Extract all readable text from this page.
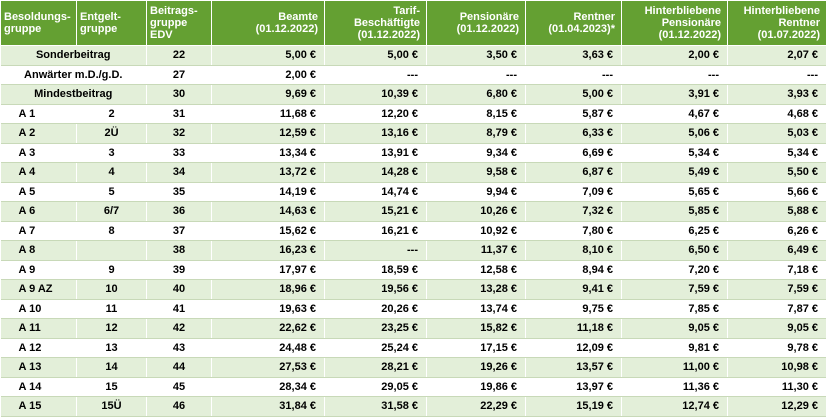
Besoldungs-
gruppe	Entgelt-
gruppe	Beitrags-
gruppe
EDV	Beamte
(01.12.2022)	Tarif-
Beschäftigte
(01.12.2022)	Pensionäre
(01.12.2022)	Rentner
(01.04.2023)*	Hinterbliebene
Pensionäre
(01.12.2022)	Hinterbliebene
Rentner
(01.07.2022)
Sonderbeitrag		22	5,00 €	5,00 €	3,50 €	3,63 €	2,00 €	2,07 €
Anwärter m.D./g.D.		27	2,00 €	---	---	---	---	---
Mindestbeitrag		30	9,69 €	10,39 €	6,80 €	5,00 €	3,91 €	3,93 €
A 1	2	31	11,68 €	12,20 €	8,15 €	5,87 €	4,67 €	4,68 €
A 2	2Ü	32	12,59 €	13,16 €	8,79 €	6,33 €	5,06 €	5,03 €
A 3	3	33	13,34 €	13,91 €	9,34 €	6,69 €	5,34 €	5,34 €
A 4	4	34	13,72 €	14,28 €	9,58 €	6,87 €	5,49 €	5,50 €
A 5	5	35	14,19 €	14,74 €	9,94 €	7,09 €	5,65 €	5,66 €
A 6	6/7	36	14,63 €	15,21 €	10,26 €	7,32 €	5,85 €	5,88 €
A 7	8	37	15,62 €	16,21 €	10,92 €	7,80 €	6,25 €	6,26 €
A 8		38	16,23 €	---	11,37 €	8,10 €	6,50 €	6,49 €
A 9	9	39	17,97 €	18,59 €	12,58 €	8,94 €	7,20 €	7,18 €
A 9 AZ	10	40	18,96 €	19,56 €	13,28 €	9,41 €	7,59 €	7,59 €
A 10	11	41	19,63 €	20,26 €	13,74 €	9,75 €	7,85 €	7,87 €
A 11	12	42	22,62 €	23,25 €	15,82 €	11,18 €	9,05 €	9,05 €
A 12	13	43	24,48 €	25,24 €	17,15 €	12,09 €	9,81 €	9,78 €
A 13	14	44	27,53 €	28,21 €	19,26 €	13,57 €	11,00 €	10,98 €
A 14	15	45	28,34 €	29,05 €	19,86 €	13,97 €	11,36 €	11,30 €
A 15	15Ü	46	31,84 €	31,58 €	22,29 €	15,19 €	12,74 €	12,29 €
